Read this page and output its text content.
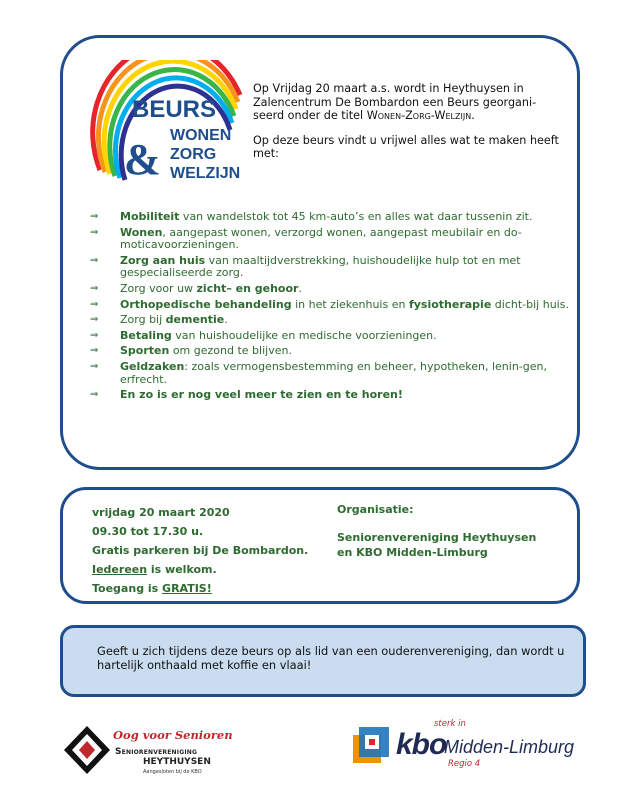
BEURS
& WONEN
ZORG
WELZIJN

Op Vrijdag 20 maart a.s. wordt in Heythuysen in Zalencentrum De Bombardon een Beurs georgani-seerd onder de titel Wonen-Zorg-Welzijn.

Op deze beurs vindt u vrijwel alles wat te maken heeft met:

⇒ Mobiliteit van wandelstok tot 45 km-auto’s en alles wat daar tussenin zit.
⇒ Wonen, aangepast wonen, verzorgd wonen, aangepast meubilair en do-moticavoorzieningen.
⇒ Zorg aan huis van maaltijdverstrekking, huishoudelijke hulp tot en met gespecialiseerde zorg.
⇒ Zorg voor uw zicht– en gehoor.
⇒ Orthopedische behandeling in het ziekenhuis en fysiotherapie dicht-bij huis.
⇒ Zorg bij dementie.
⇒ Betaling van huishoudelijke en medische voorzieningen.
⇒ Sporten om gezond te blijven.
⇒ Geldzaken: zoals vermogensbestemming en beheer, hypotheken, lenin-gen, erfrecht.
⇒ En zo is er nog veel meer te zien en te horen!
vrijdag 20 maart 2020
09.30 tot 17.30 u.
Gratis parkeren bij De Bombardon.
Iedereen is welkom.
Toegang is GRATIS!
Organisatie:
Seniorenvereniging Heythuysen
en KBO Midden-Limburg
Geeft u zich tijdens deze beurs op als lid van een ouderenvereniging, dan wordt u hartelijk onthaald met koffie en vlaai!
Oog voor Senioren
Seniorenvereniging
HEYTHUYSEN
Aangesloten bij de KBO
sterk in
kbo
Midden-Limburg
Regio 4
